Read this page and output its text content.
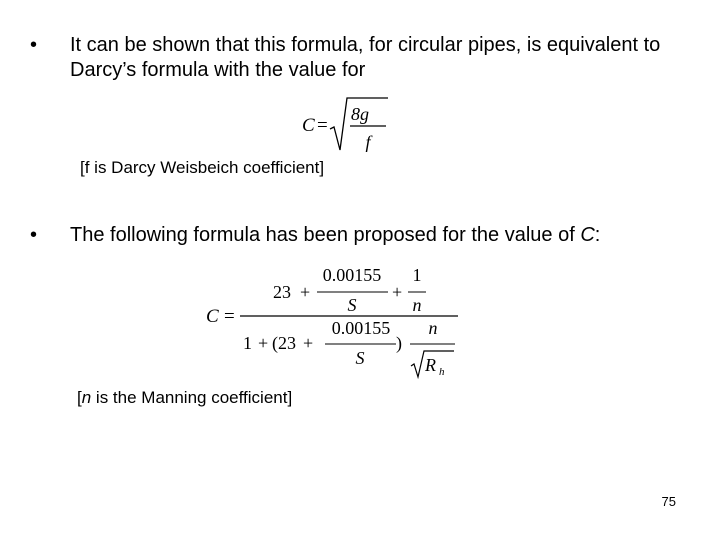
• It can be shown that this formula, for circular pipes, is equivalent to Darcy’s formula with the value for
C =
8g
f
[f is Darcy Weisbeich coefficient]
• The following formula has been proposed for the value of C:
C =
23 +
0.00155
S
+
1
n
1 + (23 +
0.00155
S
)
n
R h
[n is the Manning coefficient]
75
